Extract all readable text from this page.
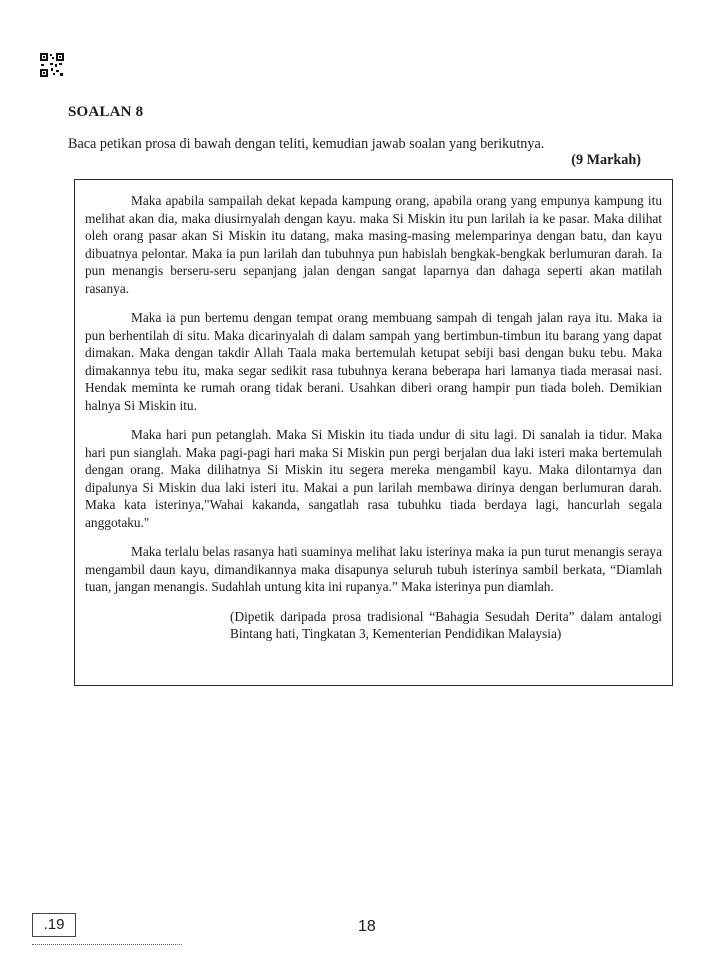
SOALAN 8
Baca petikan prosa di bawah dengan teliti, kemudian jawab soalan yang berikutnya.
(9 Markah)

Maka apabila sampailah dekat kepada kampung orang, apabila orang yang empunya kampung itu melihat akan dia, maka diusirnyalah dengan kayu. maka Si Miskin itu pun larilah ia ke pasar. Maka dilihat oleh orang pasar akan Si Miskin itu datang, maka masing-masing melemparinya dengan batu, dan kayu dibuatnya pelontar. Maka ia pun larilah dan tubuhnya pun habislah bengkak-bengkak berlumuran darah. Ia pun menangis berseru-seru sepanjang jalan dengan sangat laparnya dan dahaga seperti akan matilah rasanya.

Maka ia pun bertemu dengan tempat orang membuang sampah di tengah jalan raya itu. Maka ia pun berhentilah di situ. Maka dicarinyalah di dalam sampah yang bertimbun-timbun itu barang yang dapat dimakan. Maka dengan takdir Allah Taala maka bertemulah ketupat sebiji basi dengan buku tebu. Maka dimakannya tebu itu, maka segar sedikit rasa tubuhnya kerana beberapa hari lamanya tiada merasai nasi. Hendak meminta ke rumah orang tidak berani. Usahkan diberi orang hampir pun tiada boleh. Demikian halnya Si Miskin itu.

Maka hari pun petanglah. Maka Si Miskin itu tiada undur di situ lagi. Di sanalah ia tidur. Maka hari pun sianglah. Maka pagi-pagi hari maka Si Miskin pun pergi berjalan dua laki isteri maka bertemulah dengan orang. Maka dilihatnya Si Miskin itu segera mereka mengambil kayu. Maka dilontarnya dan dipalunya Si Miskin dua laki isteri itu. Makai a pun larilah membawa dirinya dengan berlumuran darah. Maka kata isterinya,"Wahai kakanda, sangatlah rasa tubuhku tiada berdaya lagi, hancurlah segala anggotaku."

Maka terlalu belas rasanya hati suaminya melihat laku isterinya maka ia pun turut menangis seraya mengambil daun kayu, dimandikannya maka disapunya seluruh tubuh isterinya sambil berkata, “Diamlah tuan, jangan menangis. Sudahlah untung kita ini rupanya.” Maka isterinya pun diamlah.

(Dipetik daripada prosa tradisional “Bahagia Sesudah Derita” dalam antalogi Bintang hati, Tingkatan 3, Kementerian Pendidikan Malaysia)
.19	18
